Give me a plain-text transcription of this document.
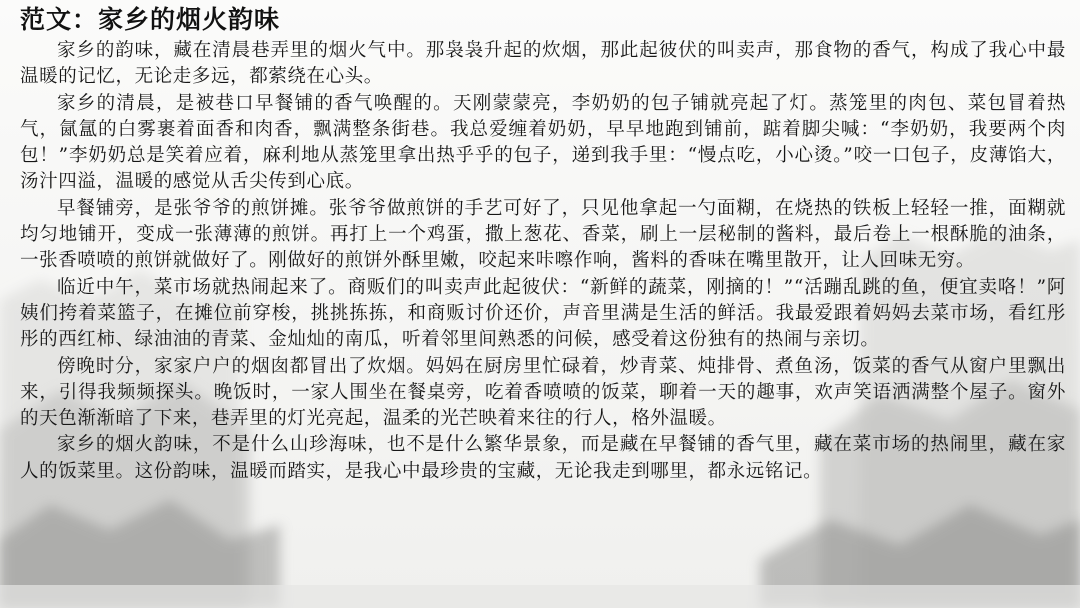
范文：家乡的烟火韵味

家乡的韵味，藏在清晨巷弄里的烟火气中。那袅袅升起的炊烟，那此起彼伏的叫卖声，那食物的香气，构成了我心中最温暖的记忆，无论走多远，都萦绕在心头。

家乡的清晨，是被巷口早餐铺的香气唤醒的。天刚蒙蒙亮，李奶奶的包子铺就亮起了灯。蒸笼里的肉包、菜包冒着热气，氤氲的白雾裹着面香和肉香，飘满整条街巷。我总爱缠着奶奶，早早地跑到铺前，踮着脚尖喊：“李奶奶，我要两个肉包！”李奶奶总是笑着应着，麻利地从蒸笼里拿出热乎乎的包子，递到我手里：“慢点吃，小心烫。”咬一口包子，皮薄馅大，汤汁四溢，温暖的感觉从舌尖传到心底。

早餐铺旁，是张爷爷的煎饼摊。张爷爷做煎饼的手艺可好了，只见他拿起一勺面糊，在烧热的铁板上轻轻一推，面糊就均匀地铺开，变成一张薄薄的煎饼。再打上一个鸡蛋，撒上葱花、香菜，刷上一层秘制的酱料，最后卷上一根酥脆的油条，一张香喷喷的煎饼就做好了。刚做好的煎饼外酥里嫩，咬起来咔嚓作响，酱料的香味在嘴里散开，让人回味无穷。

临近中午，菜市场就热闹起来了。商贩们的叫卖声此起彼伏：“新鲜的蔬菜，刚摘的！”“活蹦乱跳的鱼，便宜卖咯！”阿姨们挎着菜篮子，在摊位前穿梭，挑挑拣拣，和商贩讨价还价，声音里满是生活的鲜活。我最爱跟着妈妈去菜市场，看红彤彤的西红柿、绿油油的青菜、金灿灿的南瓜，听着邻里间熟悉的问候，感受着这份独有的热闹与亲切。

傍晚时分，家家户户的烟囱都冒出了炊烟。妈妈在厨房里忙碌着，炒青菜、炖排骨、煮鱼汤，饭菜的香气从窗户里飘出来，引得我频频探头。晚饭时，一家人围坐在餐桌旁，吃着香喷喷的饭菜，聊着一天的趣事，欢声笑语洒满整个屋子。窗外的天色渐渐暗了下来，巷弄里的灯光亮起，温柔的光芒映着来往的行人，格外温暖。

家乡的烟火韵味，不是什么山珍海味，也不是什么繁华景象，而是藏在早餐铺的香气里，藏在菜市场的热闹里，藏在家人的饭菜里。这份韵味，温暖而踏实，是我心中最珍贵的宝藏，无论我走到哪里，都永远铭记。
